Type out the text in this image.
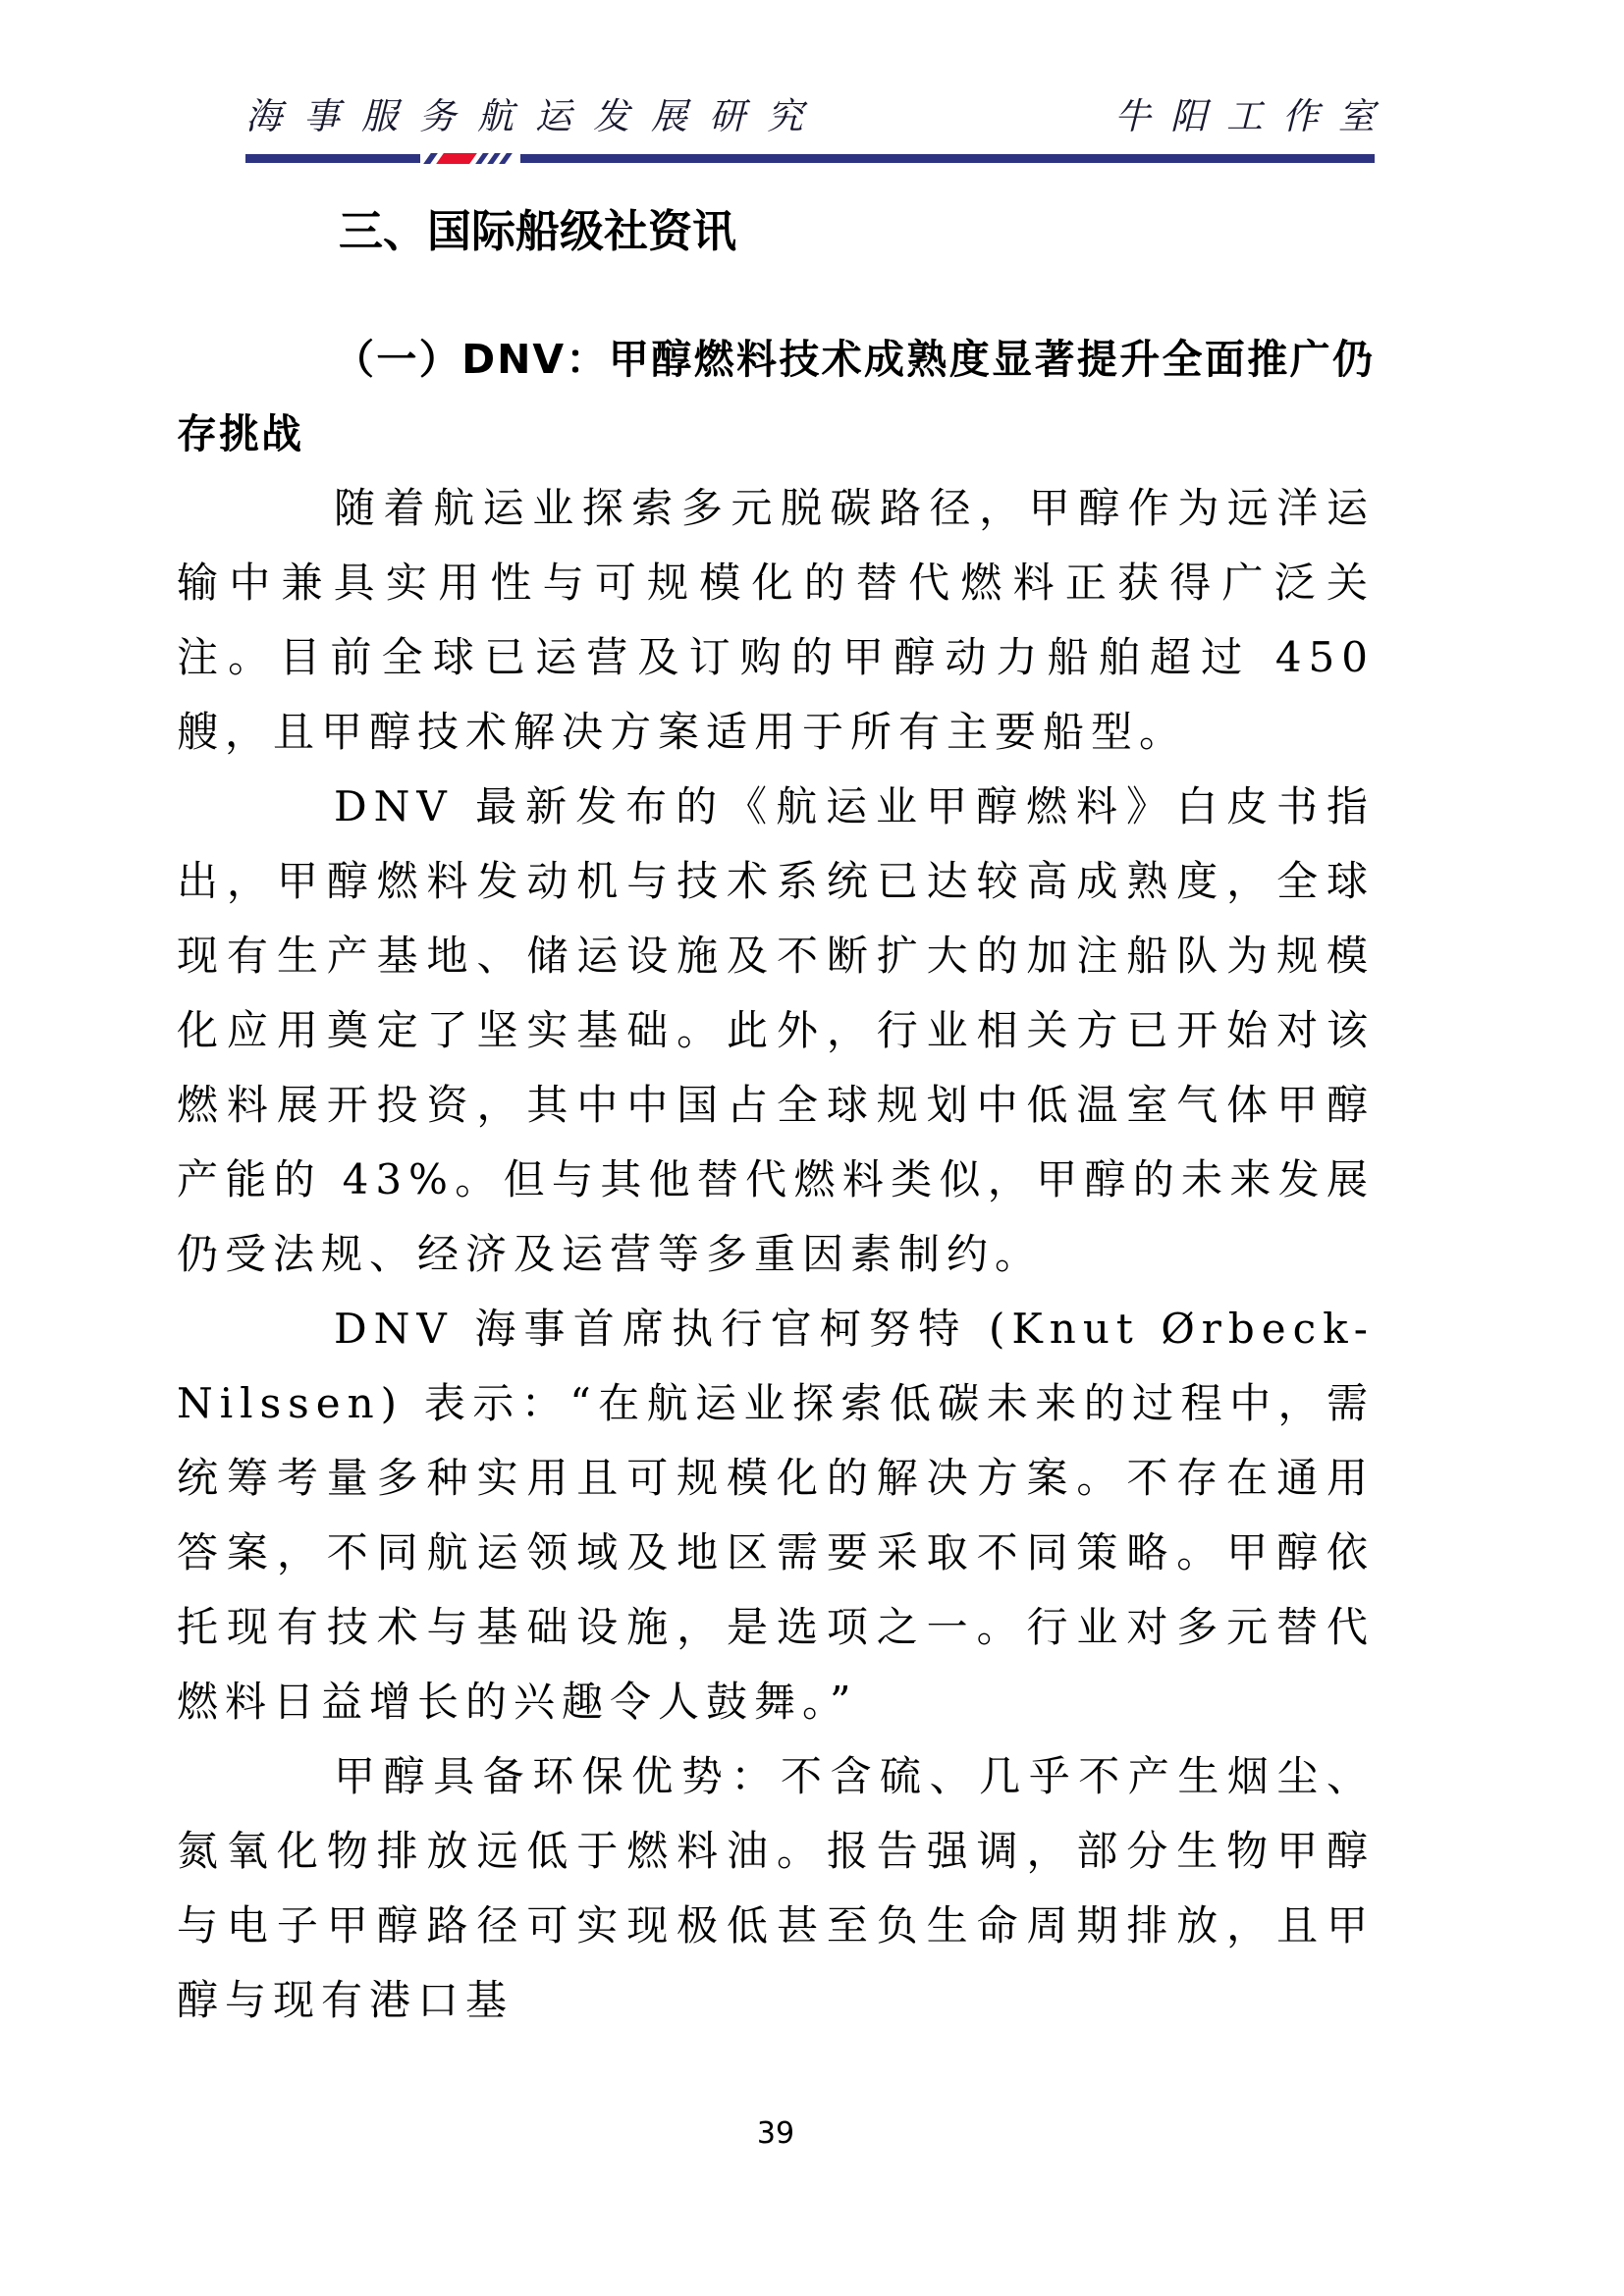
海事服务航运发展研究	牛阳工作室
三、国际船级社资讯
（一）DNV：甲醇燃料技术成熟度显著提升全面推广仍存挑战

随着航运业探索多元脱碳路径，甲醇作为远洋运输中兼具实用性与可规模化的替代燃料正获得广泛关注。目前全球已运营及订购的甲醇动力船舶超过 450 艘，且甲醇技术解决方案适用于所有主要船型。

DNV 最新发布的《航运业甲醇燃料》白皮书指出，甲醇燃料发动机与技术系统已达较高成熟度，全球现有生产基地、储运设施及不断扩大的加注船队为规模化应用奠定了坚实基础。此外，行业相关方已开始对该燃料展开投资，其中中国占全球规划中低温室气体甲醇产能的 43%。但与其他替代燃料类似，甲醇的未来发展仍受法规、经济及运营等多重因素制约。

DNV 海事首席执行官柯努特 (Knut Ørbeck-Nilssen) 表示：“在航运业探索低碳未来的过程中，需统筹考量多种实用且可规模化的解决方案。不存在通用答案，不同航运领域及地区需要采取不同策略。甲醇依托现有技术与基础设施，是选项之一。行业对多元替代燃料日益增长的兴趣令人鼓舞。”

甲醇具备环保优势：不含硫、几乎不产生烟尘、氮氧化物排放远低于燃料油。报告强调，部分生物甲醇与电子甲醇路径可实现极低甚至负生命周期排放，且甲醇与现有港口基

39
